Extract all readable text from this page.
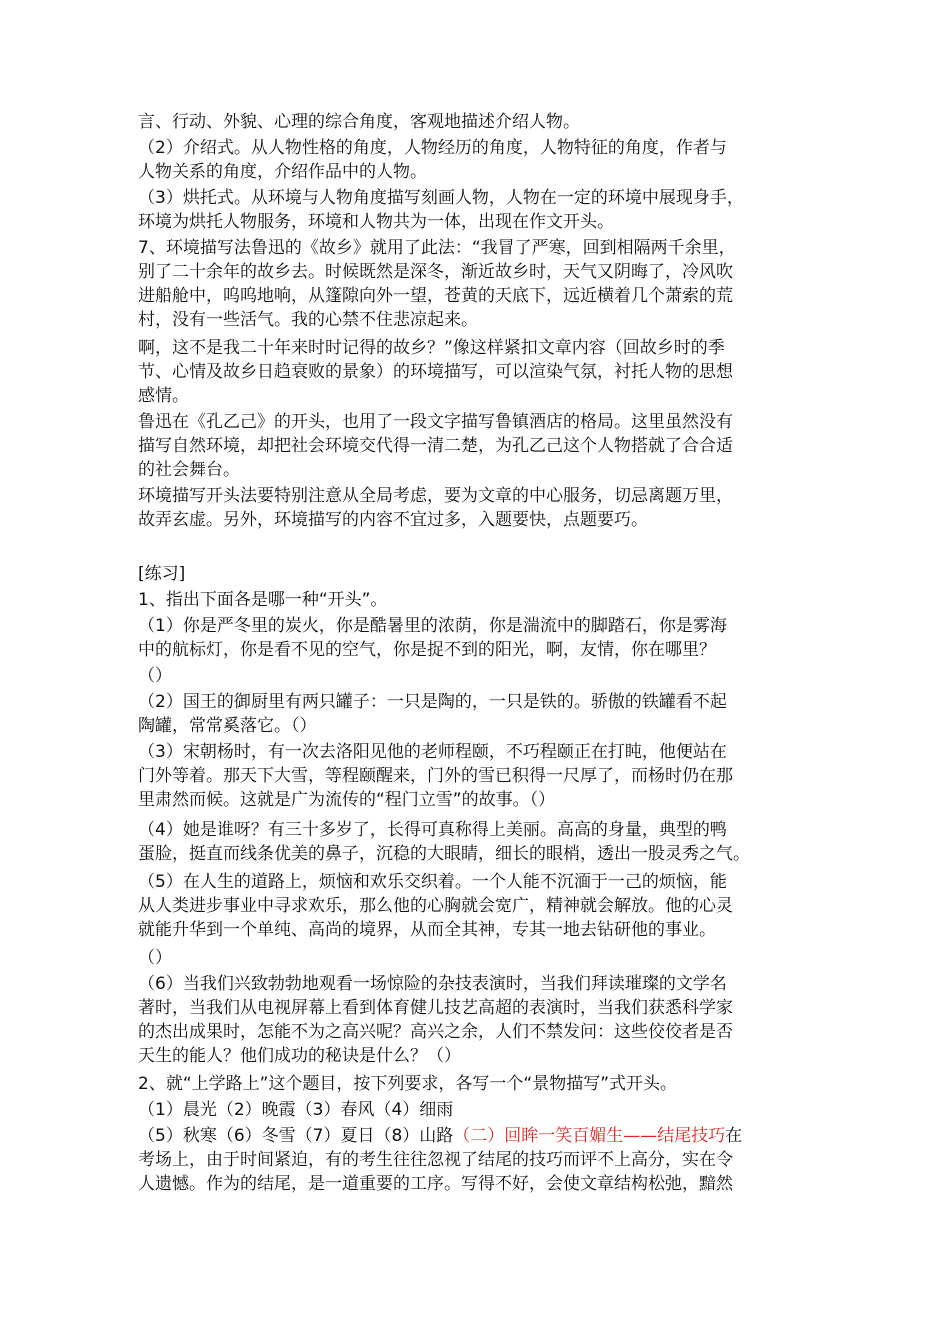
言、行动、外貌、心理的综合角度，客观地描述介绍人物。
（2）介绍式。从人物性格的角度，人物经历的角度，人物特征的角度，作者与
人物关系的角度，介绍作品中的人物。
（3）烘托式。从环境与人物角度描写刻画人物，人物在一定的环境中展现身手，
环境为烘托人物服务，环境和人物共为一体，出现在作文开头。
7、环境描写法鲁迅的《故乡》就用了此法：“我冒了严寒，回到相隔两千余里，
别了二十余年的故乡去。时候既然是深冬，渐近故乡时，天气又阴晦了，冷风吹
进船舱中，呜呜地响，从篷隙向外一望，苍黄的天底下，远近横着几个萧索的荒
村，没有一些活气。我的心禁不住悲凉起来。
啊，这不是我二十年来时时记得的故乡？”像这样紧扣文章内容（回故乡时的季
节、心情及故乡日趋衰败的景象）的环境描写，可以渲染气氛，衬托人物的思想
感情。
鲁迅在《孔乙己》的开头，也用了一段文字描写鲁镇酒店的格局。这里虽然没有
描写自然环境，却把社会环境交代得一清二楚，为孔乙己这个人物搭就了合合适
的社会舞台。
环境描写开头法要特别注意从全局考虑，要为文章的中心服务，切忌离题万里，
故弄玄虚。另外，环境描写的内容不宜过多，入题要快，点题要巧。
[练习]
1、指出下面各是哪一种“开头”。
（1）你是严冬里的炭火，你是酷暑里的浓荫，你是湍流中的脚踏石，你是雾海
中的航标灯，你是看不见的空气，你是捉不到的阳光，啊，友情，你在哪里？
（）
（2）国王的御厨里有两只罐子：一只是陶的，一只是铁的。骄傲的铁罐看不起
陶罐，常常奚落它。（）
（3）宋朝杨时，有一次去洛阳见他的老师程颐，不巧程颐正在打盹，他便站在
门外等着。那天下大雪，等程颐醒来，门外的雪已积得一尺厚了，而杨时仍在那
里肃然而候。这就是广为流传的“程门立雪”的故事。（）
（4）她是谁呀？有三十多岁了，长得可真称得上美丽。高高的身量，典型的鸭
蛋脸，挺直而线条优美的鼻子，沉稳的大眼睛，细长的眼梢，透出一股灵秀之气。
（5）在人生的道路上，烦恼和欢乐交织着。一个人能不沉湎于一己的烦恼，能
从人类进步事业中寻求欢乐，那么他的心胸就会宽广，精神就会解放。他的心灵
就能升华到一个单纯、高尚的境界，从而全其神，专其一地去钻研他的事业。
（）
（6）当我们兴致勃勃地观看一场惊险的杂技表演时，当我们拜读璀璨的文学名
著时，当我们从电视屏幕上看到体育健儿技艺高超的表演时，当我们获悉科学家
的杰出成果时，怎能不为之高兴呢？高兴之余，人们不禁发问：这些佼佼者是否
天生的能人？他们成功的秘诀是什么？（）
2、就“上学路上”这个题目，按下列要求，各写一个“景物描写”式开头。
（1）晨光（2）晚霞（3）春风（4）细雨
（5）秋寒（6）冬雪（7）夏日（8）山路（二）回眸一笑百媚生——结尾技巧在
考场上，由于时间紧迫，有的考生往往忽视了结尾的技巧而评不上高分，实在令
人遗憾。作为的结尾，是一道重要的工序。写得不好，会使文章结构松弛，黯然
